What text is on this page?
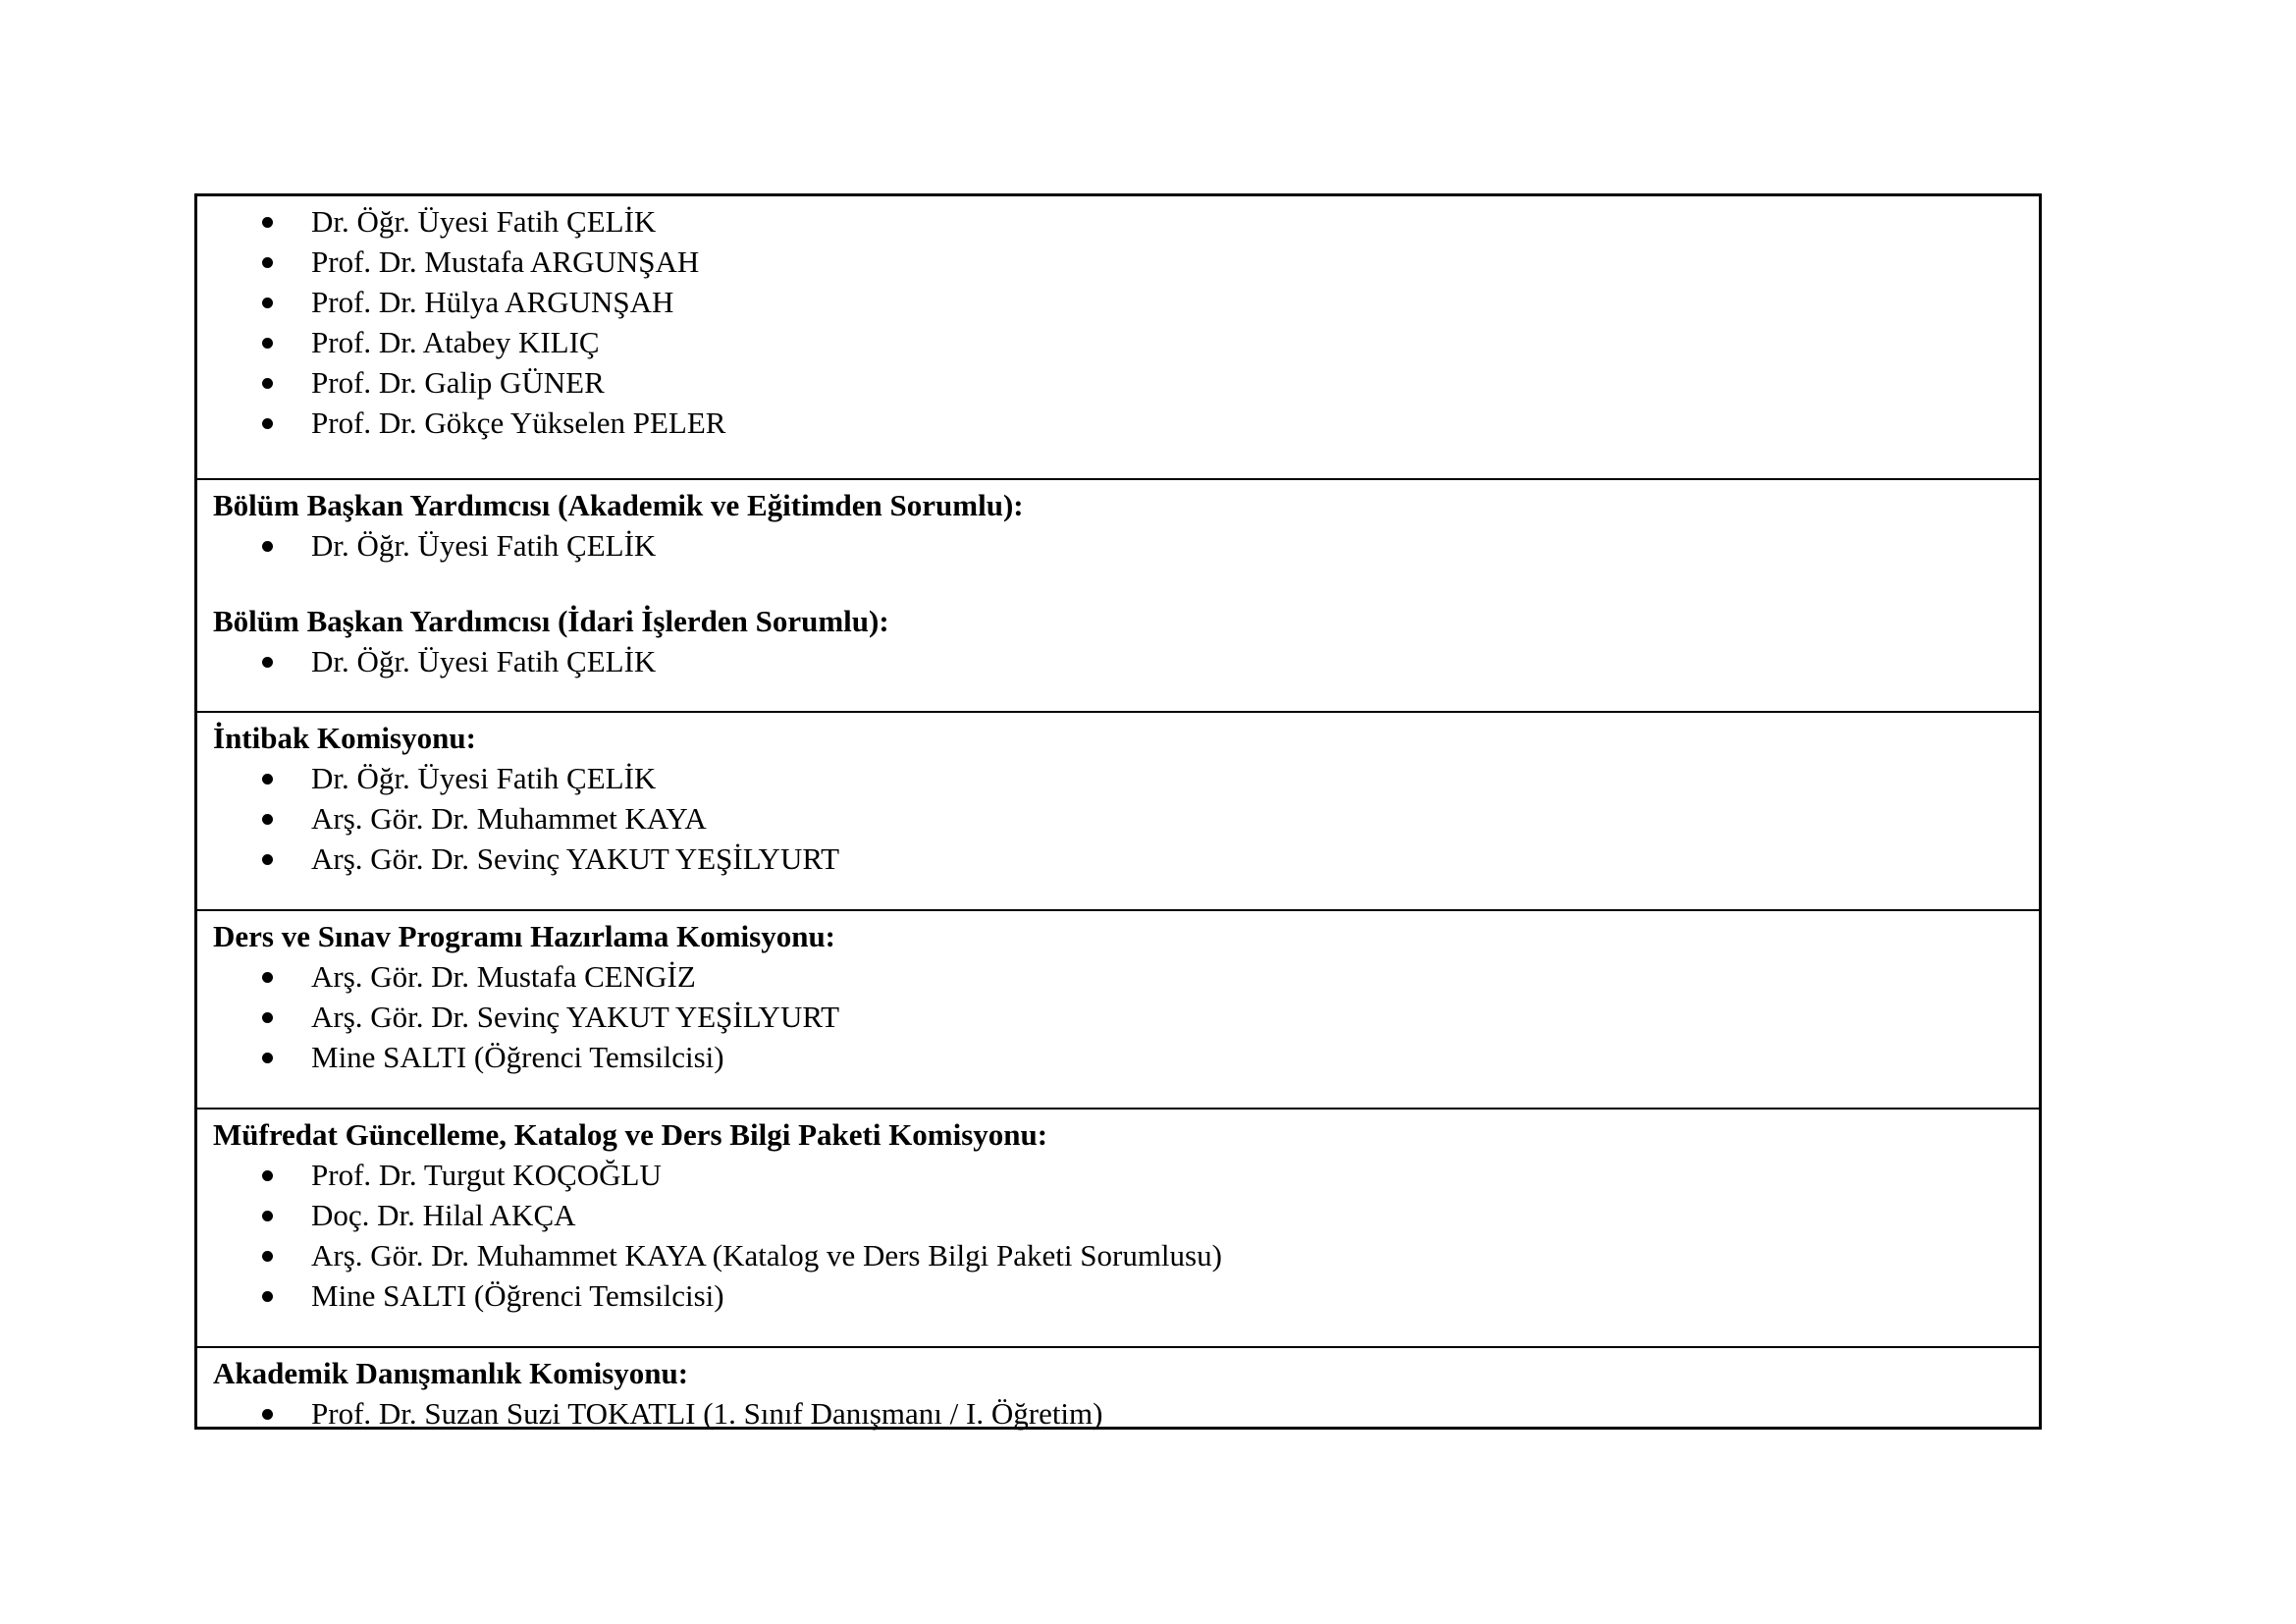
Dr. Öğr. Üyesi Fatih ÇELİK
Prof. Dr. Mustafa ARGUNŞAH
Prof. Dr. Hülya ARGUNŞAH
Prof. Dr. Atabey KILIÇ
Prof. Dr. Galip GÜNER
Prof. Dr. Gökçe Yükselen PELER
Bölüm Başkan Yardımcısı (Akademik ve Eğitimden Sorumlu):
Dr. Öğr. Üyesi Fatih ÇELİK
Bölüm Başkan Yardımcısı (İdari İşlerden Sorumlu):
Dr. Öğr. Üyesi Fatih ÇELİK
İntibak Komisyonu:
Dr. Öğr. Üyesi Fatih ÇELİK
Arş. Gör. Dr. Muhammet KAYA
Arş. Gör. Dr. Sevinç YAKUT YEŞİLYURT
Ders ve Sınav Programı Hazırlama Komisyonu:
Arş. Gör. Dr. Mustafa CENGİZ
Arş. Gör. Dr. Sevinç YAKUT YEŞİLYURT
Mine SALTI (Öğrenci Temsilcisi)
Müfredat Güncelleme, Katalog ve Ders Bilgi Paketi Komisyonu:
Prof. Dr. Turgut KOÇOĞLU
Doç. Dr. Hilal AKÇA
Arş. Gör. Dr. Muhammet KAYA (Katalog ve Ders Bilgi Paketi Sorumlusu)
Mine SALTI (Öğrenci Temsilcisi)
Akademik Danışmanlık Komisyonu:
Prof. Dr. Suzan Suzi TOKATLI (1. Sınıf Danışmanı / I. Öğretim)
